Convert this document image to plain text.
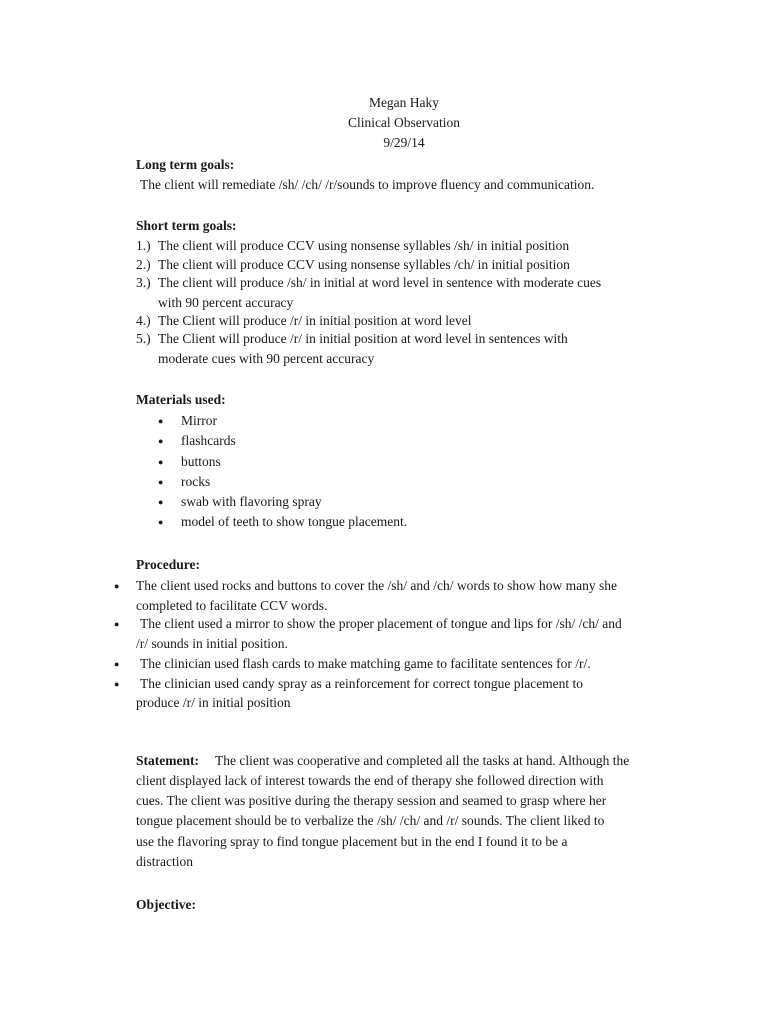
Megan Haky
Clinical Observation
9/29/14
Long term goals:
The client will remediate /sh/ /ch/ /r/sounds to improve fluency and communication.
Short term goals:
1.) The client will produce CCV using nonsense syllables /sh/ in initial position
2.) The client will produce CCV using nonsense syllables /ch/ in initial position
3.) The client will produce /sh/ in initial at word level in sentence with moderate cues
with 90 percent accuracy
4.) The Client will produce /r/ in initial position at word level
5.) The Client will produce /r/ in initial position at word level in sentences with
moderate cues with 90 percent accuracy
Materials used:
● Mirror
● flashcards
● buttons
● rocks
● swab with flavoring spray
● model of teeth to show tongue placement.
Procedure:
● The client used rocks and buttons to cover the /sh/ and /ch/ words to show how many she
completed to facilitate CCV words.
● The client used a mirror to show the proper placement of tongue and lips for /sh/ /ch/ and
/r/ sounds in initial position.
● The clinician used flash cards to make matching game to facilitate sentences for /r/.
● The clinician used candy spray as a reinforcement for correct tongue placement to
produce /r/ in initial position
Statement: The client was cooperative and completed all the tasks at hand. Although the
client displayed lack of interest towards the end of therapy she followed direction with
cues. The client was positive during the therapy session and seamed to grasp where her
tongue placement should be to verbalize the /sh/ /ch/ and /r/ sounds. The client liked to
use the flavoring spray to find tongue placement but in the end I found it to be a
distraction
Objective:
